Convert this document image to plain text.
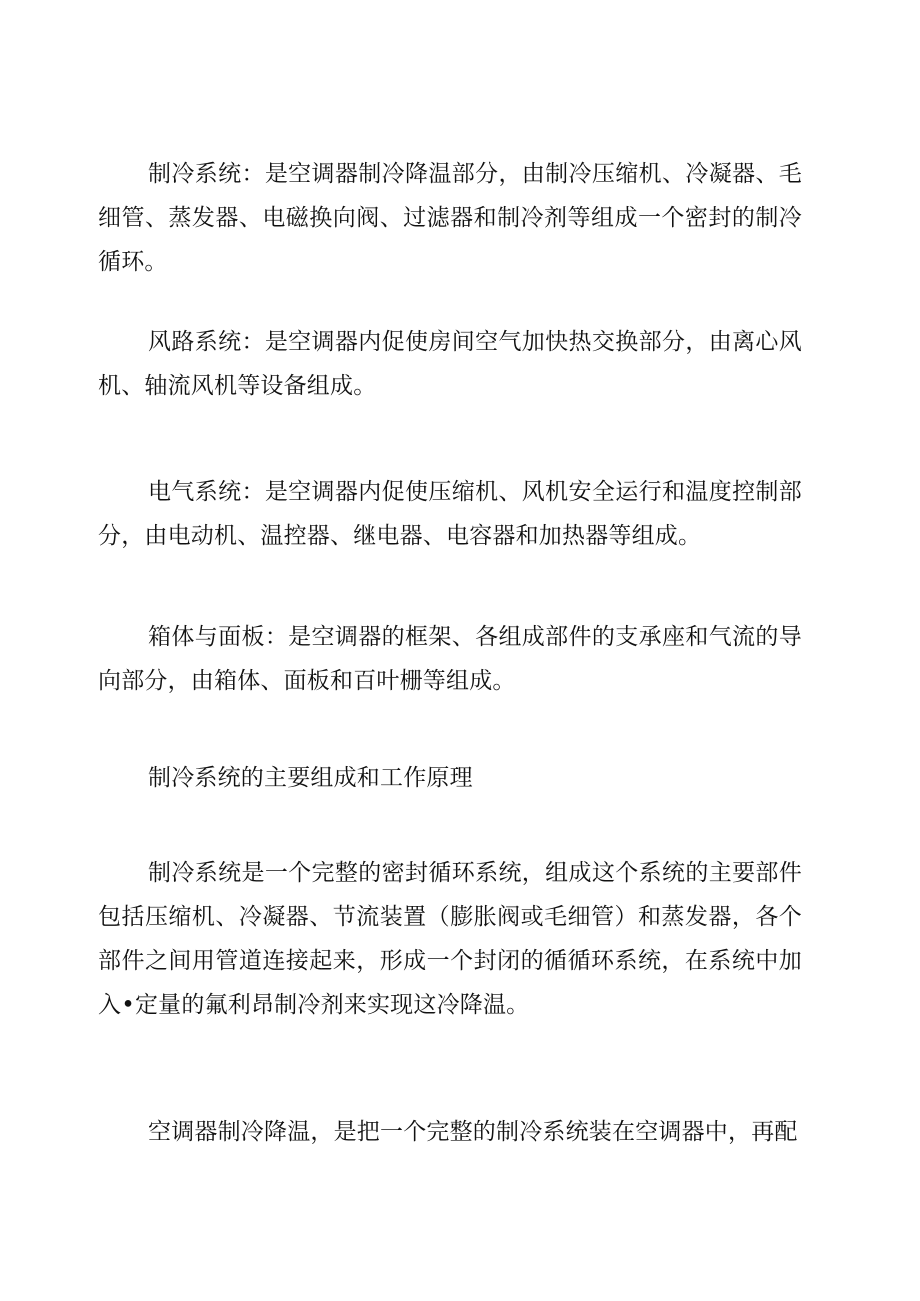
制冷系统：是空调器制冷降温部分，由制冷压缩机、冷凝器、毛细管、蒸发器、电磁换向阀、过滤器和制冷剂等组成一个密封的制冷循环。

风路系统：是空调器内促使房间空气加快热交换部分，由离心风机、轴流风机等设备组成。

电气系统：是空调器内促使压缩机、风机安全运行和温度控制部分，由电动机、温控器、继电器、电容器和加热器等组成。

箱体与面板：是空调器的框架、各组成部件的支承座和气流的导向部分，由箱体、面板和百叶栅等组成。

制冷系统的主要组成和工作原理

制冷系统是一个完整的密封循环系统，组成这个系统的主要部件包括压缩机、冷凝器、节流装置（膨胀阀或毛细管）和蒸发器，各个部件之间用管道连接起来，形成一个封闭的循循环系统，在系统中加入•定量的氟利昂制冷剂来实现这冷降温。

空调器制冷降温，是把一个完整的制冷系统装在空调器中，再配
